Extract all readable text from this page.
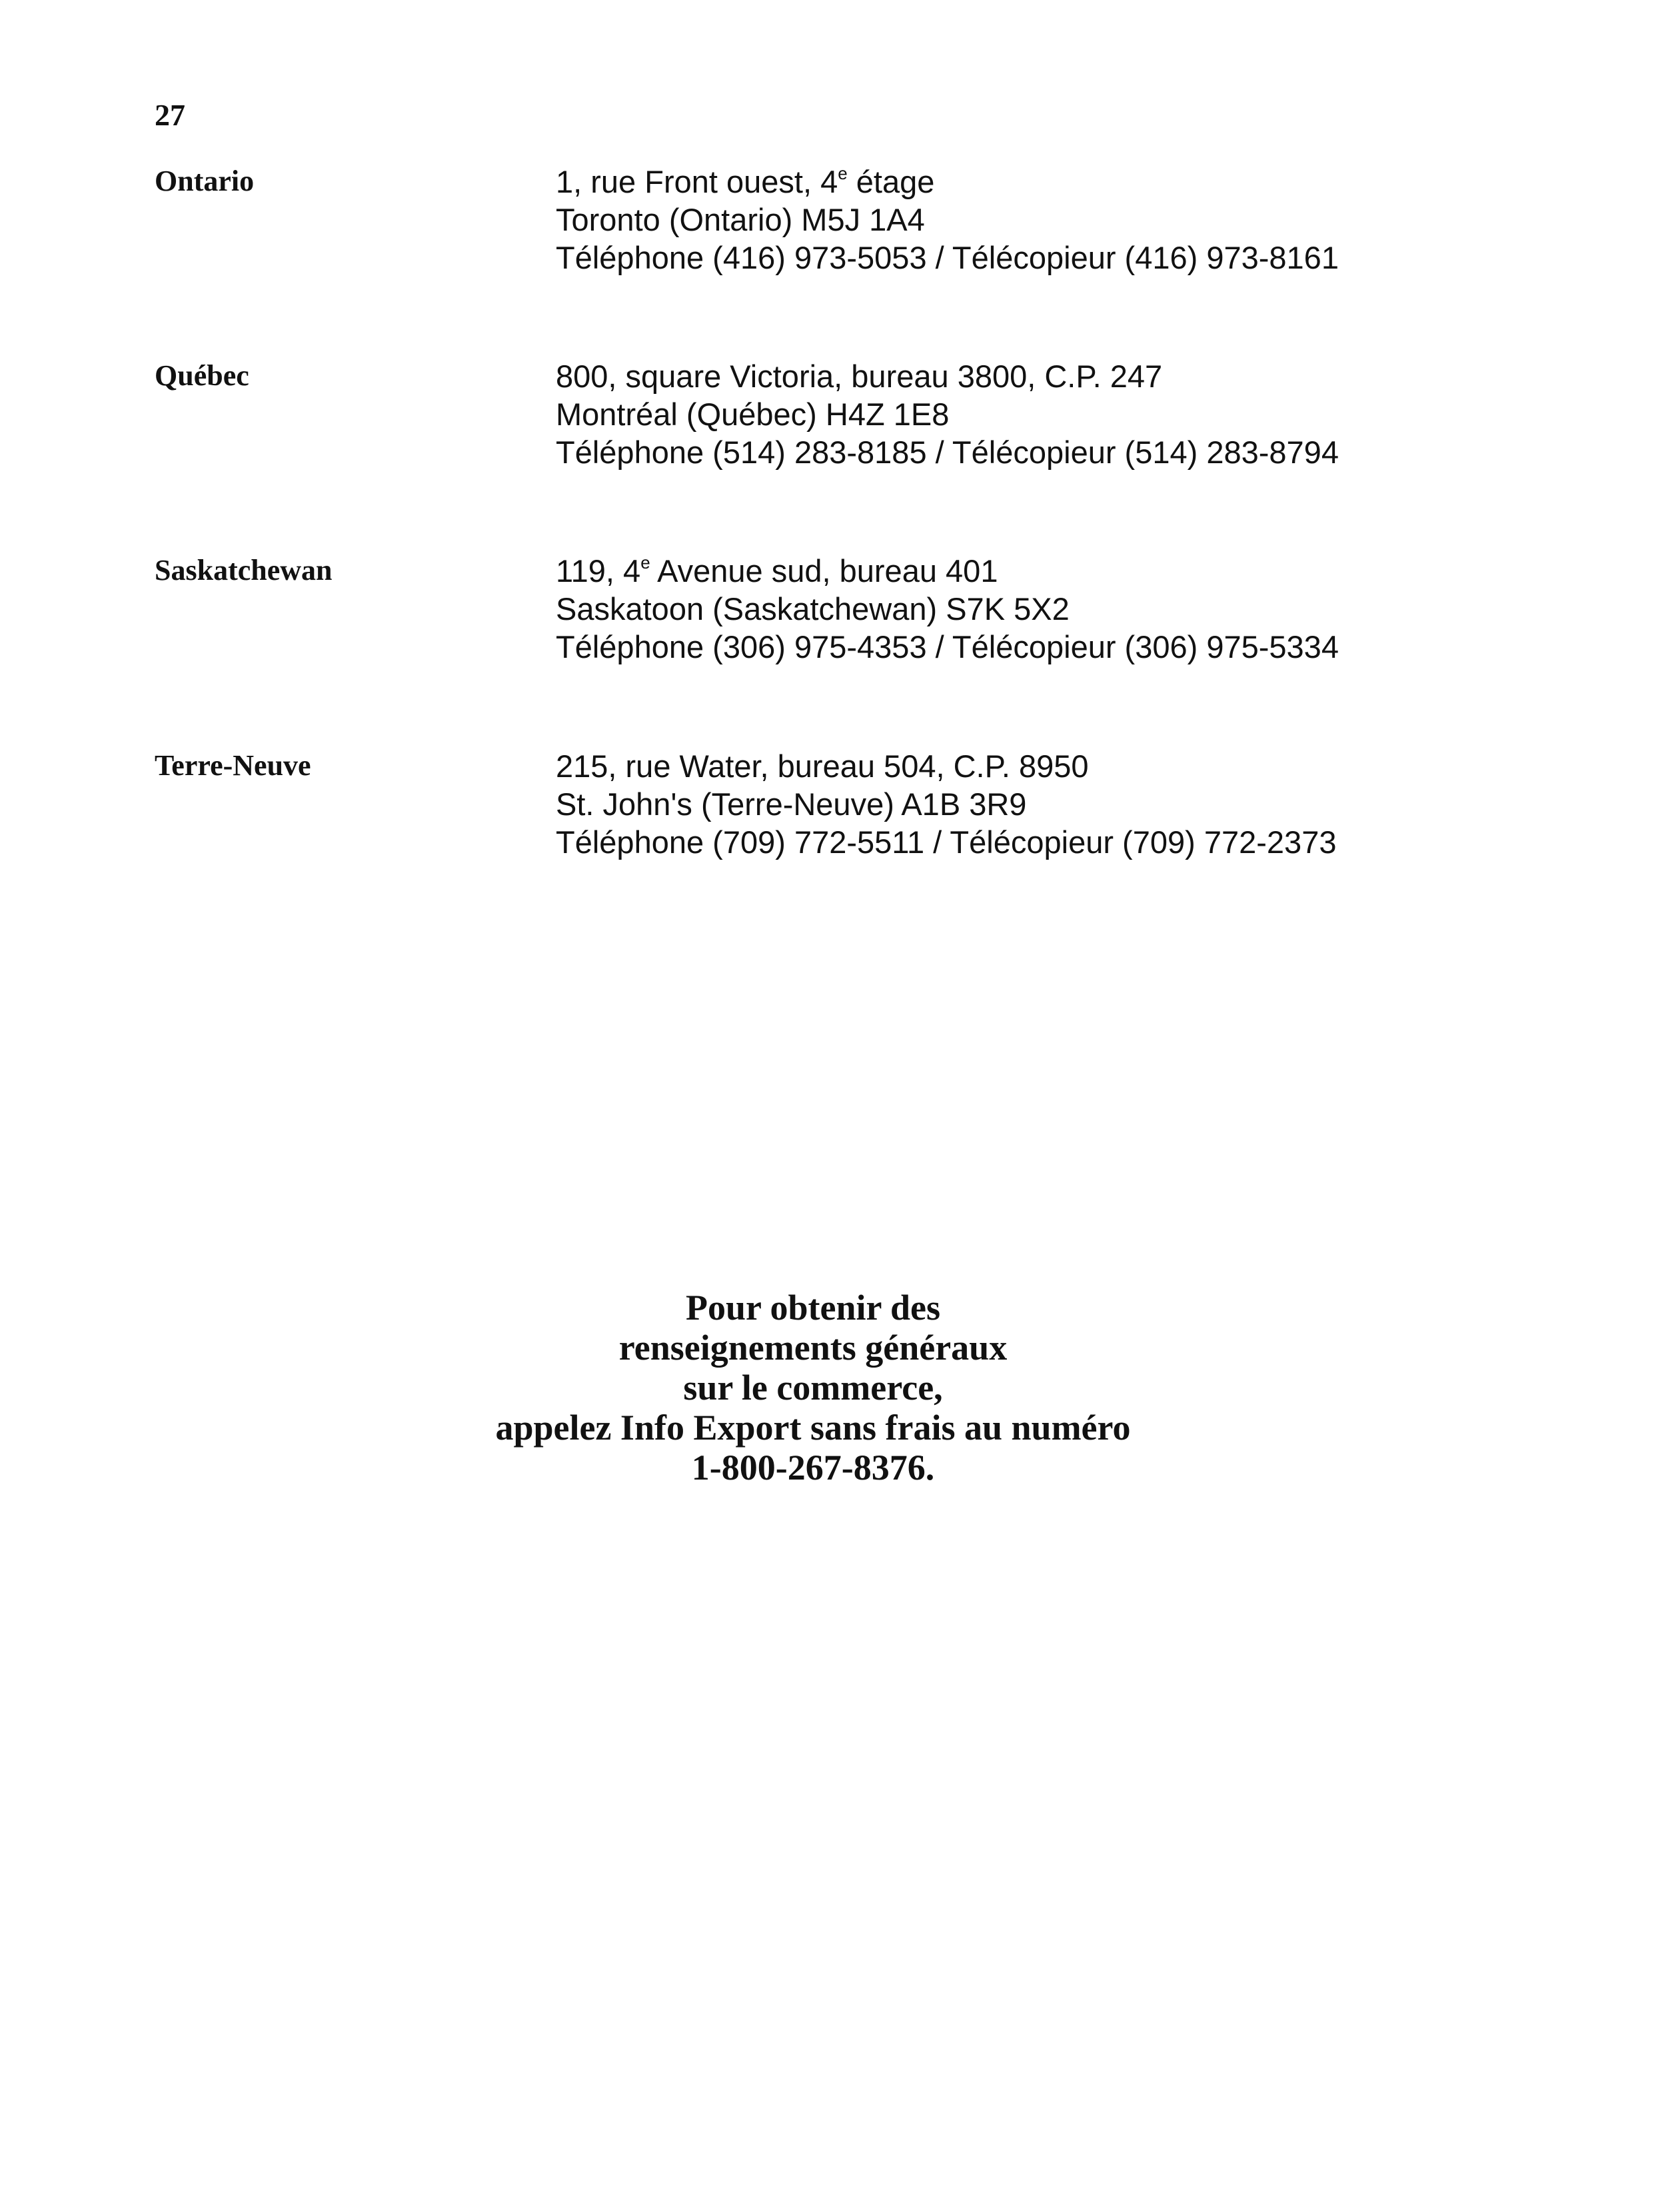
27
Ontario	1, rue Front ouest, 4e étage
Toronto (Ontario) M5J 1A4
Téléphone (416) 973-5053 / Télécopieur (416) 973-8161
Québec	800, square Victoria, bureau 3800, C.P. 247
Montréal (Québec) H4Z 1E8
Téléphone (514) 283-8185 / Télécopieur (514) 283-8794
Saskatchewan	119, 4e Avenue sud, bureau 401
Saskatoon (Saskatchewan) S7K 5X2
Téléphone (306) 975-4353 / Télécopieur (306) 975-5334
Terre-Neuve	215, rue Water, bureau 504, C.P. 8950
St. John's (Terre-Neuve) A1B 3R9
Téléphone (709) 772-5511 / Télécopieur (709) 772-2373
Pour obtenir des
renseignements généraux
sur le commerce,
appelez Info Export sans frais au numéro
1-800-267-8376.
